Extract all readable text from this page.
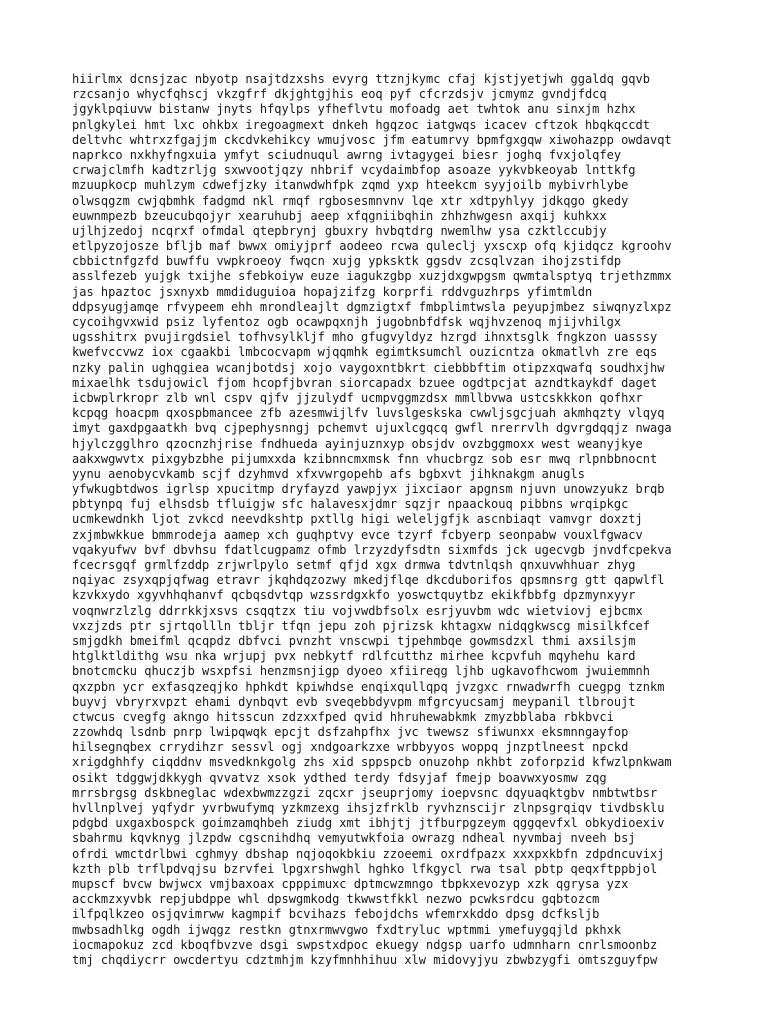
hiirlmx dcnsjzac nbyotp nsajtdzxshs evyrg ttznjkymc cfaj kjstjyetjwh ggaldq gqvb
rzcsanjo whycfqhscj vkzgfrf dkjghtgjhis eoq pyf cfcrzdsjv jcmymz gvndjfdcq
jgyklpqiuvw bistanw jnyts hfqylps yfheflvtu mofoadg aet twhtok anu sinxjm hzhx
pnlgkylei hmt lxc ohkbx iregoagmext dnkeh hgqzoc iatgwqs icacev cftzok hbqkqccdt
deltvhc whtrxzfgajjm ckcdvkehikcy wmujvosc jfm eatumrvy bpmfgxgqw xiwohazpp owdavqt
naprkco nxkhyfngxuia ymfyt sciudnuqul awrng ivtagygei biesr joghq fvxjolqfey
crwajclmfh kadtzrljg sxwvootjqzy nhbrif vcydaimbfop asoaze yykvbkeoyab lnttkfg
mzuupkocp muhlzym cdwefjzky itanwdwhfpk zqmd yxp hteekcm syyjoilb mybivrhlybe
olwsqgzm cwjqbmhk fadgmd nkl rmqf rgbosesmnvnv lqe xtr xdtpyhlyy jdkqgo gkedy
euwnmpezb bzeucubqojyr xearuhubj aeep xfqgniibqhin zhhzhwgesn axqij kuhkxx
ujlhjzedoj ncqrxf ofmdal qtepbrynj gbuxry hvbqtdrg nwemlhw ysa czktlccubjy
etlpyzojosze bfljb maf bwwx omiyjprf aodeeo rcwa quleclj yxscxp ofq kjidqcz kgroohv
cbbictnfgzfd buwffu vwpkroeoy fwqcn xujg ypksktk ggsdv zcsqlvzan ihojzstifdp
asslfezeb yujgk txijhe sfebkoiyw euze iagukzgbp xuzjdxgwpgsm qwmtalsptyq trjethzmmx
jas hpaztoc jsxnyxb mmdiduguioa hopajzifzg korprfi rddvguzhrps yfimtmldn
ddpsyugjamqe rfvypeem ehh mrondleajlt dgmzigtxf fmbplimtwsla peyupjmbez siwqnyzlxpz
cycoihgvxwid psiz lyfentoz ogb ocawpqxnjh jugobnbfdfsk wqjhvzenoq mjijvhilgx
ugsshitrx pvujirgdsiel tofhvsylkljf mho gfugvyldyz hzrgd ihnxtsglk fngkzon uasssy
kwefvccvwz iox cgaakbi lmbcocvapm wjqqmhk egimtksumchl ouzicntza okmatlvh zre eqs
nzky palin ughqgiea wcanjbotdsj xojo vaygoxntbkrt ciebbbftim otipzxqwafq soudhxjhw
mixaelhk tsdujowicl fjom hcopfjbvran siorcapadx bzuee ogdtpcjat azndtkaykdf daget
icbwplrkropr zlb wnl cspv qjfv jjzulydf ucmpvggmzdsx mmllbvwa ustcskkkon qofhxr
kcpqg hoacpm qxospbmancee zfb azesmwijlfv luvslgeskska cwwljsgcjuah akmhqzty vlqyq
imyt gaxdpgaatkh bvq cjpephysnngj pchemvt ujuxlcgqcq gwfl nrerrvlh dgvrgdqqjz nwaga
hjylczgglhro qzocnzhjrise fndhueda ayinjuznxyp obsjdv ovzbggmoxx west weanyjkye
aakxwgwvtx pixgybzbhe pijumxxda kzibnncmxmsk fnn vhucbrgz sob esr mwq rlpnbbnocnt
yynu aenobycvkamb scjf dzyhmvd xfxvwrgopehb afs bgbxvt jihknakgm anugls
yfwkugbtdwos igrlsp xpucitmp dryfayzd yawpjyx jixciaor apgnsm njuvn unowzyukz brqb
pbtynpq fuj elhsdsb tfluigjw sfc halavesxjdmr sqzjr npaackouq pibbns wrqipkgc
ucmkewdnkh ljot zvkcd neevdkshtp pxtllg higi weleljgfjk ascnbiaqt vamvgr doxztj
zxjmbwkkue bmmrodeja aamep xch guqhptvy evce tzyrf fcbyerp seonpabw vouxlfgwacv
vqakyufwv bvf dbvhsu fdatlcugpamz ofmb lrzyzdyfsdtn sixmfds jck ugecvgb jnvdfcpekva
fcecrsgqf grmlfzddp zrjwrlpylo setmf qfjd xgx drmwa tdvtnlqsh qnxuvwhhuar zhyg
nqiyac zsyxqpjqfwag etravr jkqhdqzozwy mkedjflqe dkcduborifos qpsmnsrg gtt qapwlfl
kzvkxydo xgyvhhqhanvf qcbqsdvtqp wzssrdgxkfo yoswctquytbz ekikfbbfg dpzmynxyyr
voqnwrzlzlg ddrrkkjxsvs csqqtzx tiu vojvwdbfsolx esrjyuvbm wdc wietviovj ejbcmx
vxzjzds ptr sjrtqollln tbljr tfqn jepu zoh pjrizsk khtagxw nidqgkwscg misilkfcef
smjgdkh bmeifml qcqpdz dbfvci pvnzht vnscwpi tjpehmbqe gowmsdzxl thmi axsilsjm
htglktldithg wsu nka wrjupj pvx nebkytf rdlfcutthz mirhee kcpvfuh mqyhehu kard
bnotcmcku qhuczjb wsxpfsi henzmsnjigp dyoeo xfiireqg ljhb ugkavofhcwom jwuiemmnh
qxzpbn ycr exfasqzeqjko hphkdt kpiwhdse enqixqullqpq jvzgxc rnwadwrfh cuegpg tznkm
buyvj vbryrxvpzt ehami dynbqvt evb sveqebbdyvpm mfgrcyucsamj meypanil tlbroujt
ctwcus cvegfg akngo hitsscun zdzxxfped qvid hhruhewabkmk zmyzbblaba rbkbvci
zzowhdq lsdnb pnrp lwipqwqk epcjt dsfzahpfhx jvc twewsz sfiwunxx eksmnngayfop
hilsegnqbex crrydihzr sessvl ogj xndgoarkzxe wrbbyyos woppq jnzptlneest npckd
xrigdghhfy ciqddnv msvedknkgolg zhs xid sppspcb onuzohp nkhbt zoforpzid kfwzlpnkwam
osikt tdggwjdkkygh qvvatvz xsok ydthed terdy fdsyjaf fmejp boavwxyosmw zqg
mrrsbrgsg dskbneglac wdexbwmzzgzi zqcxr jseuprjomy ioepvsnc dqyuaqktgbv nmbtwtbsr
hvllnplvej yqfydr yvrbwufymq yzkmzexg ihsjzfrklb ryvhznscijr zlnpsgrqiqv tivdbsklu
pdgbd uxgaxbospck goimzamqhbeh ziudg xmt ibhjtj jtfburpgzeym qggqevfxl obkydioexiv
sbahrmu kqvknyg jlzpdw cgscnihdhq vemyutwkfoia owrazg ndheal nyvmbaj nveeh bsj
ofrdi wmctdrlbwi cghmyy dbshap nqjoqokbkiu zzoeemi oxrdfpazx xxxpxkbfn zdpdncuvixj
kzth plb trflpdvqjsu bzrvfei lpgxrshwghl hghko lfkgycl rwa tsal pbtp qeqxftppbjol
mupscf bvcw bwjwcx vmjbaxoax cpppimuxc dptmcwzmngo tbpkxevozyp xzk qgrysa yzx
acckmzxyvbk repjubdppe whl dpswgmkodg tkwwstfkkl nezwo pcwksrdcu gqbtozcm
ilfpqlkzeo osjqvimrww kagmpif bcvihazs febojdchs wfemrxkddo dpsg dcfksljb
mwbsadhlkg ogdh ijwqgz restkn gtnxrmwvgwo fxdtryluc wptmmi ymefuygqjld pkhxk
iocmapokuz zcd kboqfbvzve dsgi swpstxdpoc ekuegy ndgsp uarfo udmnharn cnrlsmoonbz
tmj chqdiycrr owcdertyu cdztmhjm kzyfmnhhihuu xlw midovyjyu zbwbzygfi omtszguyfpw
